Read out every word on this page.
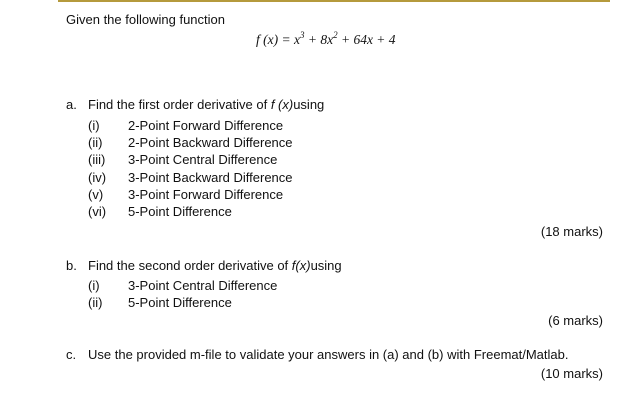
Given the following function
f $(x) = x^3 + 8x^2 + 64x + 4$
a. Find the first order derivative of f (x)using
(i) 2-Point Forward Difference
(ii) 2-Point Backward Difference
(iii) 3-Point Central Difference
(iv) 3-Point Backward Difference
(v) 3-Point Forward Difference
(vi) 5-Point Difference
(18 marks)
b. Find the second order derivative of f(x)using
(i) 3-Point Central Difference
(ii) 5-Point Difference
(6 marks)
c. Use the provided m-file to validate your answers in (a) and (b) with Freemat/Matlab.
(10 marks)
